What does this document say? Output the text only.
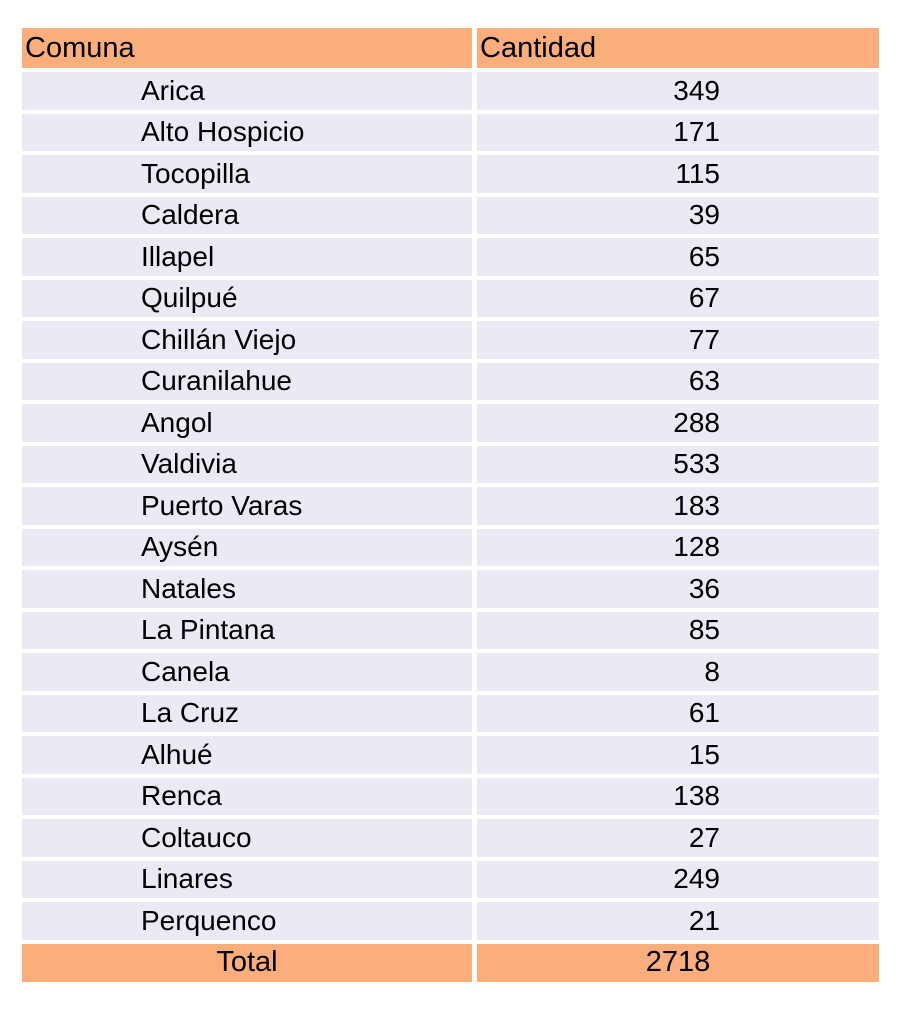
Comuna	Cantidad
Arica	349
Alto Hospicio	171
Tocopilla	115
Caldera	39
Illapel	65
Quilpué	67
Chillán Viejo	77
Curanilahue	63
Angol	288
Valdivia	533
Puerto Varas	183
Aysén	128
Natales	36
La Pintana	85
Canela	8
La Cruz	61
Alhué	15
Renca	138
Coltauco	27
Linares	249
Perquenco	21
Total	2718
